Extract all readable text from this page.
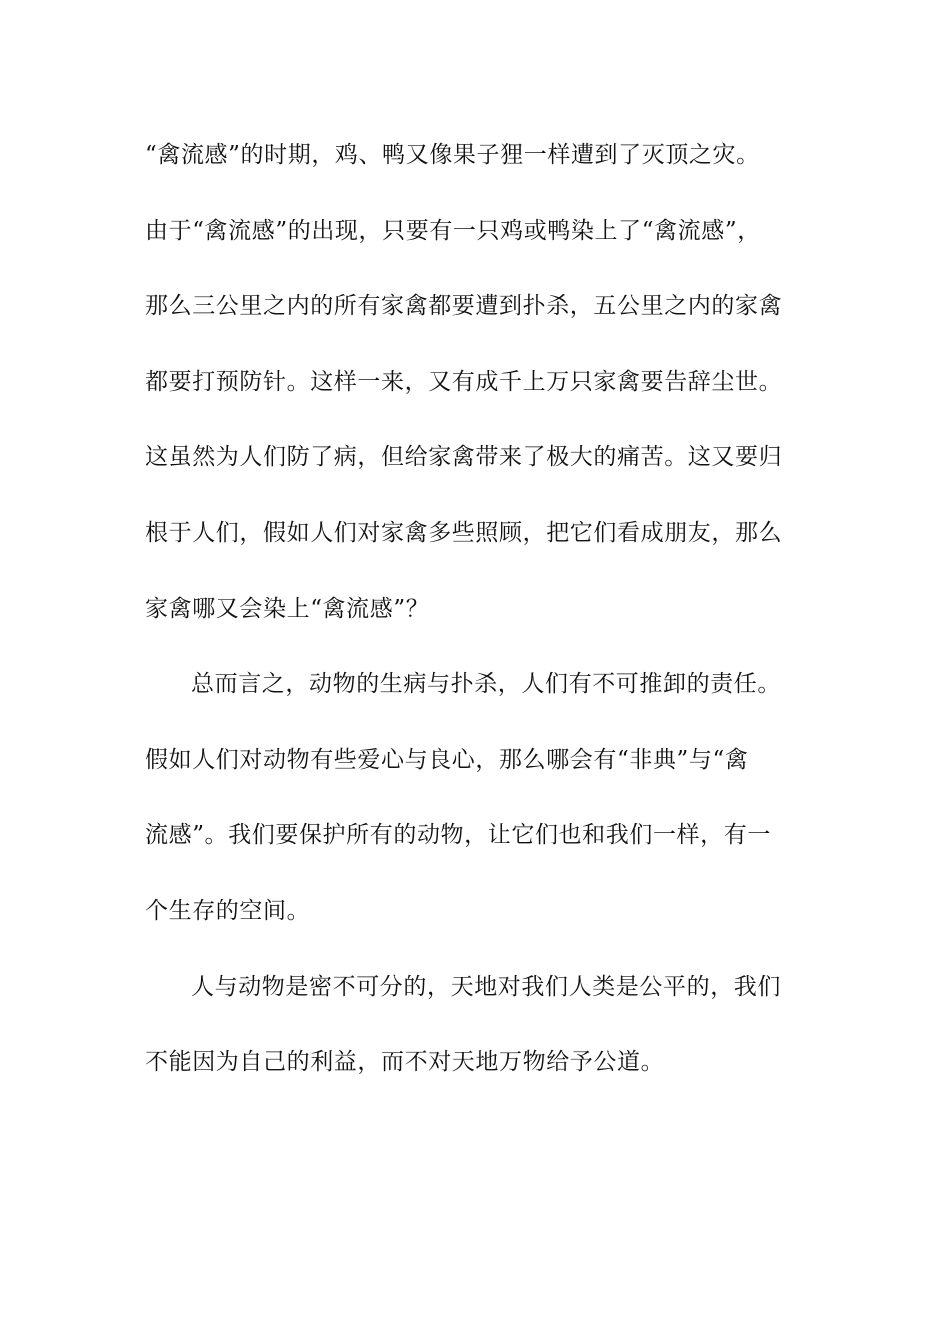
“禽流感”的时期，鸡、鸭又像果子狸一样遭到了灭顶之灾。
由于“禽流感”的出现，只要有一只鸡或鸭染上了“禽流感”，
那么三公里之内的所有家禽都要遭到扑杀，五公里之内的家禽
都要打预防针。这样一来，又有成千上万只家禽要告辞尘世。
这虽然为人们防了病，但给家禽带来了极大的痛苦。这又要归
根于人们，假如人们对家禽多些照顾，把它们看成朋友，那么
家禽哪又会染上“禽流感”？
总而言之，动物的生病与扑杀，人们有不可推卸的责任。
假如人们对动物有些爱心与良心，那么哪会有“非典”与“禽
流感”。我们要保护所有的动物，让它们也和我们一样，有一
个生存的空间。
人与动物是密不可分的，天地对我们人类是公平的，我们
不能因为自己的利益，而不对天地万物给予公道。
